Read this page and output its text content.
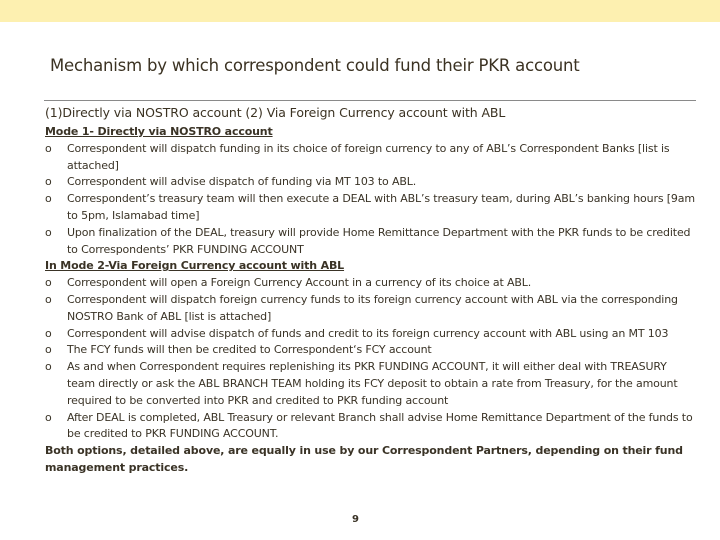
Mechanism by which correspondent could fund their PKR account
(1)Directly via NOSTRO account (2) Via Foreign Currency account with ABL
Mode 1- Directly via NOSTRO account
o	Correspondent will dispatch funding in its choice of foreign currency to any of ABL’s Correspondent Banks [list is attached]
o	Correspondent will advise dispatch of funding via MT 103 to ABL.
o	Correspondent’s treasury team will then execute a DEAL with ABL’s treasury team, during ABL’s banking hours [9am to 5pm, Islamabad time]
o	Upon finalization of the DEAL, treasury will provide Home Remittance Department with the PKR funds to be credited to Correspondents’ PKR FUNDING ACCOUNT
In Mode 2-Via Foreign Currency account with ABL
o	Correspondent will open a Foreign Currency Account in a currency of its choice at ABL.
o	Correspondent will dispatch foreign currency funds to its foreign currency account with ABL via the corresponding NOSTRO Bank of ABL [list is attached]
o	Correspondent will advise dispatch of funds and credit to its foreign currency account with ABL using an MT 103
o	The FCY funds will then be credited to Correspondent‘s FCY account
o	As and when Correspondent requires replenishing its PKR FUNDING ACCOUNT, it will either deal with TREASURY team directly or ask the ABL BRANCH TEAM holding its FCY deposit to obtain a rate from Treasury, for the amount required to be converted into PKR and credited to PKR funding account
o	After DEAL is completed, ABL Treasury or relevant Branch shall advise Home Remittance Department of the funds to be credited to PKR FUNDING ACCOUNT.
Both options, detailed above, are equally in use by our Correspondent Partners, depending on their fund management practices.
9
